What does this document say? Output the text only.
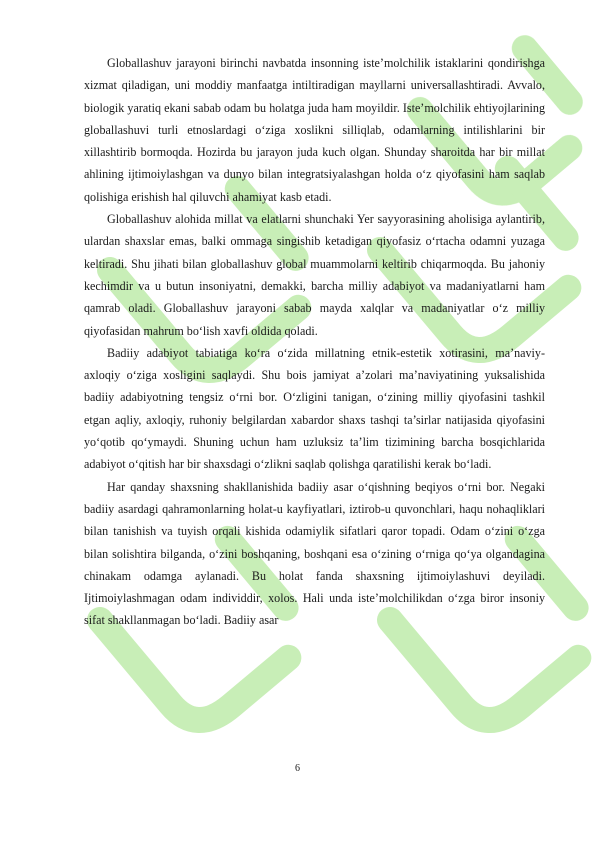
Globallashuv jarayoni birinchi navbatda insonning iste’molchilik istaklarini qondirishga xizmat qiladigan, uni moddiy manfaatga intiltiradigan mayllarni universallashtiradi. Avvalo, biologik yaratiq ekani sabab odam bu holatga juda ham moyildir. Iste’molchilik ehtiyojlarining globallashuvi turli etnoslardagi o‘ziga xoslikni silliqlab, odamlarning intilishlarini bir xillashtirib bormoqda. Hozirda bu jarayon juda kuch olgan. Shunday sharoitda har bir millat ahlining ijtimoiylashgan va dunyo bilan integratsiyalashgan holda o‘z qiyofasini ham saqlab qolishiga erishish hal qiluvchi ahamiyat kasb etadi.

Globallashuv alohida millat va elatlarni shunchaki Yer sayyorasining aholisiga aylantirib, ulardan shaxslar emas, balki ommaga singishib ketadigan qiyofasiz o‘rtacha odamni yuzaga keltiradi. Shu jihati bilan globallashuv global muammolarni keltirib chiqarmoqda. Bu jahoniy kechimdir va u butun insoniyatni, demakki, barcha milliy adabiyot va madaniyatlarni ham qamrab oladi. Globallashuv jarayoni sabab mayda xalqlar va madaniyatlar o‘z milliy qiyofasidan mahrum bo‘lish xavfi oldida qoladi.

Badiiy adabiyot tabiatiga ko‘ra o‘zida millatning etnik-estetik xotirasini, ma’naviy-axloqiy o‘ziga xosligini saqlaydi. Shu bois jamiyat a’zolari ma’naviyatining yuksalishida badiiy adabiyotning tengsiz o‘rni bor. O‘zligini tanigan, o‘zining milliy qiyofasini tashkil etgan aqliy, axloqiy, ruhoniy belgilardan xabardor shaxs tashqi ta’sirlar natijasida qiyofasini yo‘qotib qo‘ymaydi. Shuning uchun ham uzluksiz ta’lim tizimining barcha bosqichlarida adabiyot o‘qitish har bir shaxsdagi o‘zlikni saqlab qolishga qaratilishi kerak bo‘ladi.

Har qanday shaxsning shakllanishida badiiy asar o‘qishning beqiyos o‘rni bor. Negaki badiiy asardagi qahramonlarning holat-u kayfiyatlari, iztirob-u quvonchlari, haqu nohaqliklari bilan tanishish va tuyish orqali kishida odamiylik sifatlari qaror topadi. Odam o‘zini o‘zga bilan solishtira bilganda, o‘zini boshqaning, boshqani esa o‘zining o‘rniga qo‘ya olgandagina chinakam odamga aylanadi. Bu holat fanda shaxsning ijtimoiylashuvi deyiladi. Ijtimoiylashmagan odam individdir, xolos. Hali unda iste’molchilikdan o‘zga biror insoniy sifat shakllanmagan bo‘ladi. Badiiy asar

6
